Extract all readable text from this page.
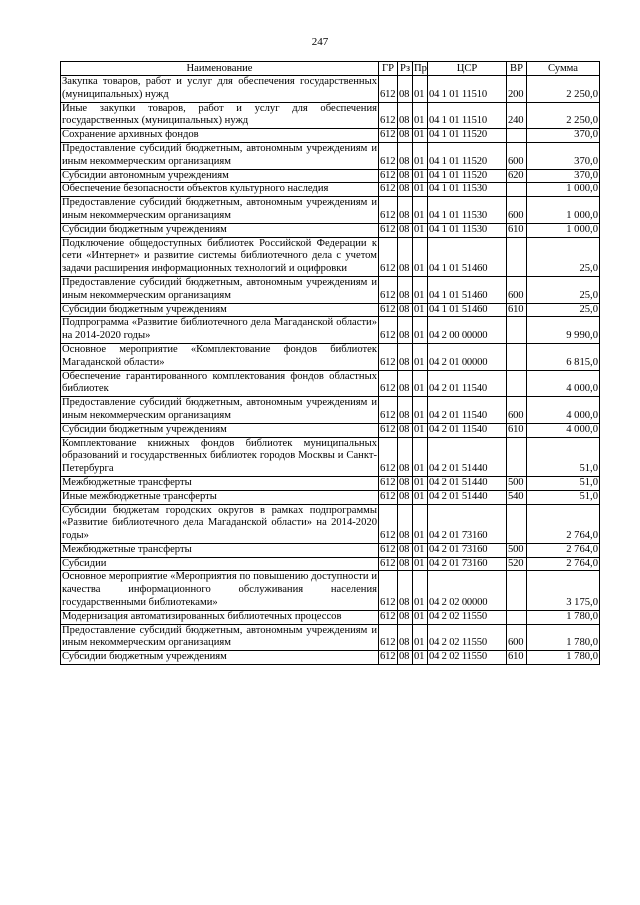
247
Наименование	ГР	Рз	Пр	ЦСР	ВР	Сумма
Закупка товаров, работ и услуг для обеспечения государственных (муниципальных) нужд	612	08	01	04 1 01 11510	200	2 250,0
Иные закупки товаров, работ и услуг для обеспечения государственных (муниципальных) нужд	612	08	01	04 1 01 11510	240	2 250,0
Сохранение архивных фондов	612	08	01	04 1 01 11520		370,0
Предоставление субсидий бюджетным, автономным учреждениям и иным некоммерческим организациям	612	08	01	04 1 01 11520	600	370,0
Субсидии автономным учреждениям	612	08	01	04 1 01 11520	620	370,0
Обеспечение безопасности объектов культурного наследия	612	08	01	04 1 01 11530		1 000,0
Предоставление субсидий бюджетным, автономным учреждениям и иным некоммерческим организациям	612	08	01	04 1 01 11530	600	1 000,0
Субсидии бюджетным учреждениям	612	08	01	04 1 01 11530	610	1 000,0
Подключение общедоступных библиотек Российской Федерации к сети «Интернет» и развитие системы библиотечного дела с учетом задачи расширения информационных технологий и оцифровки	612	08	01	04 1 01 51460		25,0
Предоставление субсидий бюджетным, автономным учреждениям и иным некоммерческим организациям	612	08	01	04 1 01 51460	600	25,0
Субсидии бюджетным учреждениям	612	08	01	04 1 01 51460	610	25,0
Подпрограмма «Развитие библиотечного дела Магаданской области» на 2014-2020 годы»	612	08	01	04 2 00 00000		9 990,0
Основное мероприятие «Комплектование фондов библиотек Магаданской области»	612	08	01	04 2 01 00000		6 815,0
Обеспечение гарантированного комплектования фондов областных библиотек	612	08	01	04 2 01 11540		4 000,0
Предоставление субсидий бюджетным, автономным учреждениям и иным некоммерческим организациям	612	08	01	04 2 01 11540	600	4 000,0
Субсидии бюджетным учреждениям	612	08	01	04 2 01 11540	610	4 000,0
Комплектование книжных фондов библиотек муниципальных образований и государственных библиотек городов Москвы и Санкт-Петербурга	612	08	01	04 2 01 51440		51,0
Межбюджетные трансферты	612	08	01	04 2 01 51440	500	51,0
Иные межбюджетные трансферты	612	08	01	04 2 01 51440	540	51,0
Субсидии бюджетам городских округов в рамках подпрограммы «Развитие библиотечного дела Магаданской области» на 2014-2020 годы»	612	08	01	04 2 01 73160		2 764,0
Межбюджетные трансферты	612	08	01	04 2 01 73160	500	2 764,0
Субсидии	612	08	01	04 2 01 73160	520	2 764,0
Основное мероприятие «Мероприятия по повышению доступности и качества информационного обслуживания населения государственными библиотеками»	612	08	01	04 2 02 00000		3 175,0
Модернизация автоматизированных библиотечных процессов	612	08	01	04 2 02 11550		1 780,0
Предоставление субсидий бюджетным, автономным учреждениям и иным некоммерческим организациям	612	08	01	04 2 02 11550	600	1 780,0
Субсидии бюджетным учреждениям	612	08	01	04 2 02 11550	610	1 780,0
